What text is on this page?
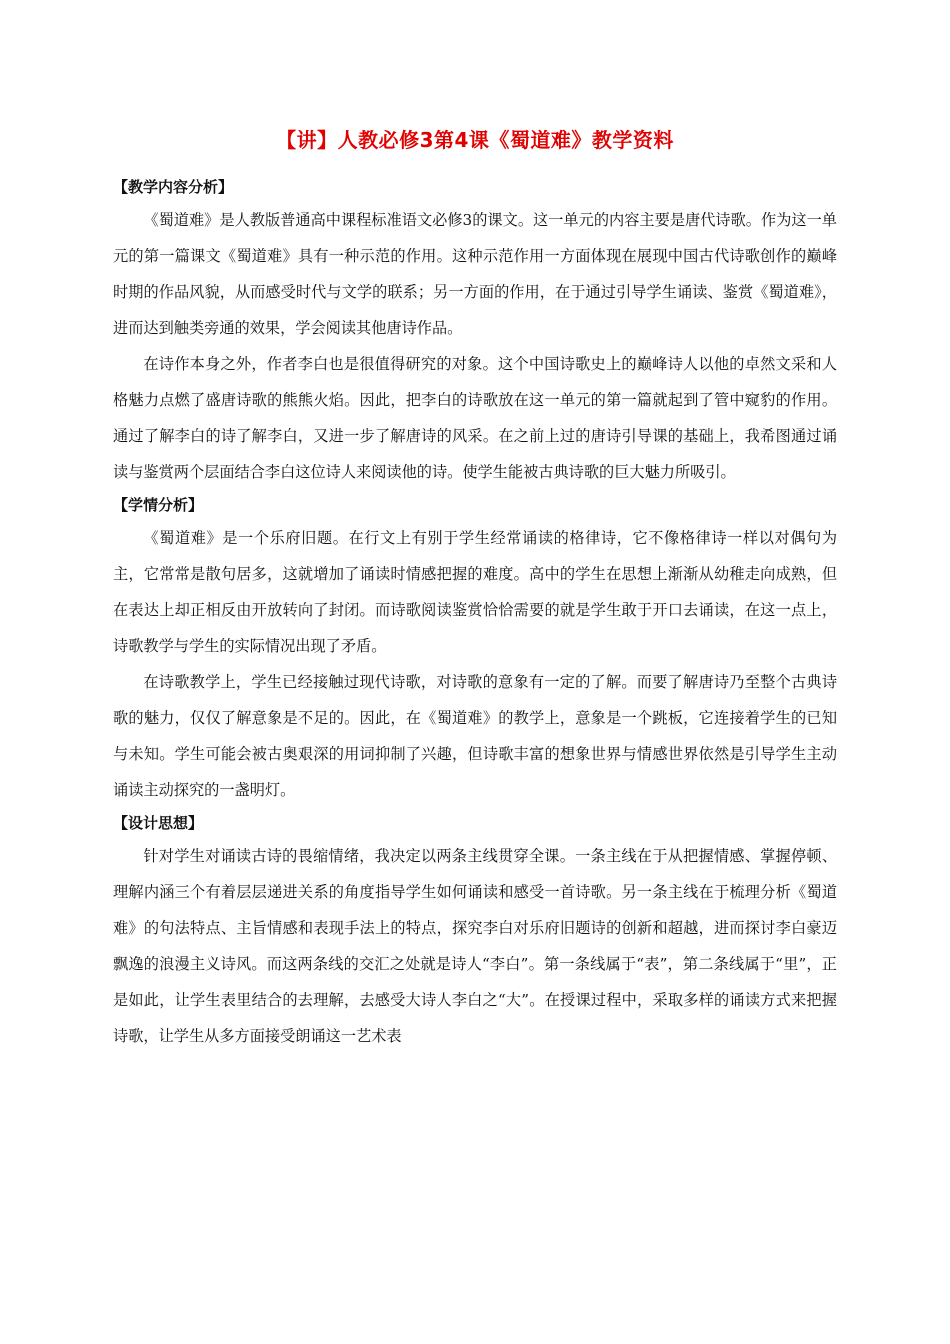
【讲】人教必修3第4课《蜀道难》教学资料

【教学内容分析】

《蜀道难》是人教版普通高中课程标准语文必修3的课文。这一单元的内容主要是唐代诗歌。作为这一单元的第一篇课文《蜀道难》具有一种示范的作用。这种示范作用一方面体现在展现中国古代诗歌创作的巅峰时期的作品风貌，从而感受时代与文学的联系；另一方面的作用，在于通过引导学生诵读、鉴赏《蜀道难》，进而达到触类旁通的效果，学会阅读其他唐诗作品。

在诗作本身之外，作者李白也是很值得研究的对象。这个中国诗歌史上的巅峰诗人以他的卓然文采和人格魅力点燃了盛唐诗歌的熊熊火焰。因此，把李白的诗歌放在这一单元的第一篇就起到了管中窥豹的作用。通过了解李白的诗了解李白，又进一步了解唐诗的风采。在之前上过的唐诗引导课的基础上，我希图通过诵读与鉴赏两个层面结合李白这位诗人来阅读他的诗。使学生能被古典诗歌的巨大魅力所吸引。

【学情分析】

《蜀道难》是一个乐府旧题。在行文上有别于学生经常诵读的格律诗，它不像格律诗一样以对偶句为主，它常常是散句居多，这就增加了诵读时情感把握的难度。高中的学生在思想上渐渐从幼稚走向成熟，但在表达上却正相反由开放转向了封闭。而诗歌阅读鉴赏恰恰需要的就是学生敢于开口去诵读，在这一点上，诗歌教学与学生的实际情况出现了矛盾。

在诗歌教学上，学生已经接触过现代诗歌，对诗歌的意象有一定的了解。而要了解唐诗乃至整个古典诗歌的魅力，仅仅了解意象是不足的。因此，在《蜀道难》的教学上，意象是一个跳板，它连接着学生的已知与未知。学生可能会被古奥艰深的用词抑制了兴趣，但诗歌丰富的想象世界与情感世界依然是引导学生主动诵读主动探究的一盏明灯。

【设计思想】

针对学生对诵读古诗的畏缩情绪，我决定以两条主线贯穿全课。一条主线在于从把握情感、掌握停顿、理解内涵三个有着层层递进关系的角度指导学生如何诵读和感受一首诗歌。另一条主线在于梳理分析《蜀道难》的句法特点、主旨情感和表现手法上的特点，探究李白对乐府旧题诗的创新和超越，进而探讨李白豪迈飘逸的浪漫主义诗风。而这两条线的交汇之处就是诗人“李白”。第一条线属于“表”，第二条线属于“里”，正是如此，让学生表里结合的去理解，去感受大诗人李白之“大”。在授课过程中，采取多样的诵读方式来把握诗歌，让学生从多方面接受朗诵这一艺术表
